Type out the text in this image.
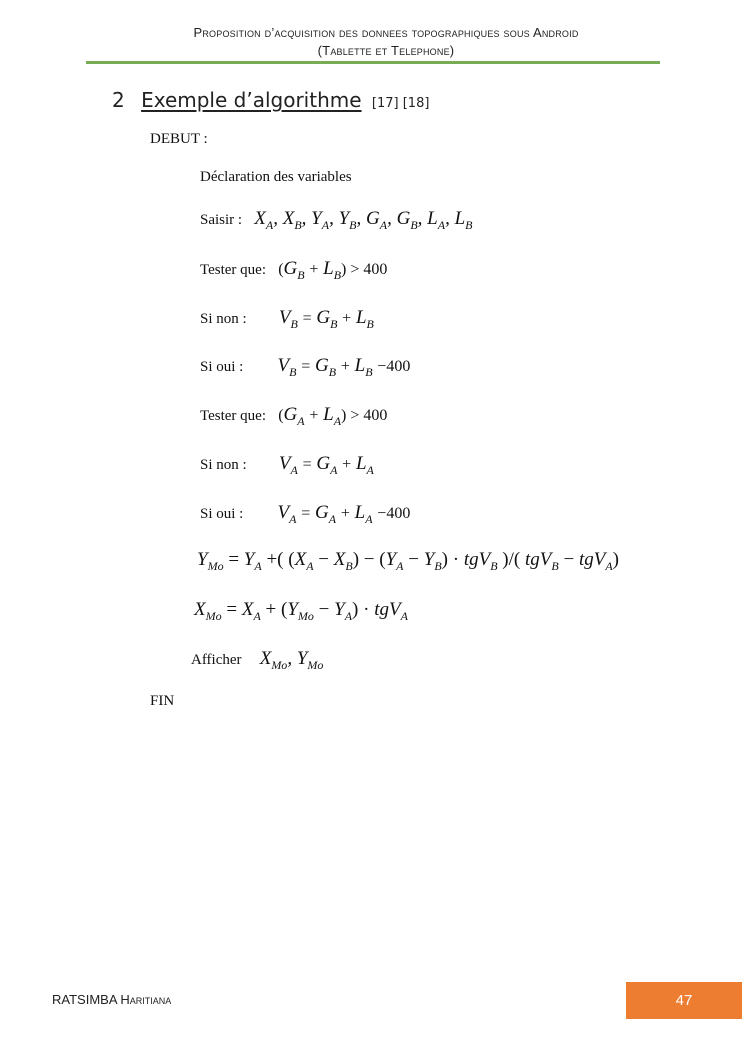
Proposition d’acquisition des donnees topographiques sous Android
(Tablette et Telephone)
2 Exemple d’algorithme [17] [18]
DEBUT :
Déclaration des variables
Saisir : $X_A$, $X_B$, $Y_A$, $Y_B$, $G_A$, $G_B$, $L_A$, $L_B$
Tester que: $(G_B + L_B) > 400$
Si non : $V_B = G_B + L_B$
Si oui : $V_B = G_B + L_B -400$
Tester que: $(G_A + L_A) > 400$
Si non : $V_A = G_A + L_A$
Si oui : $V_A = G_A + L_A -400$
$Y_{Mo} = Y_A$ +( $(X_A - X_B) - (Y_A - Y_B) \cdot tgV_B$ )/( tgV$_B$ − tgV$_A$)
$X_{Mo} = X_A + (Y_{Mo} - Y_A) \cdot tgV_A$
Afficher $X_{Mo}$, $Y_{Mo}$
FIN
RATSIMBA Haritiana	47
